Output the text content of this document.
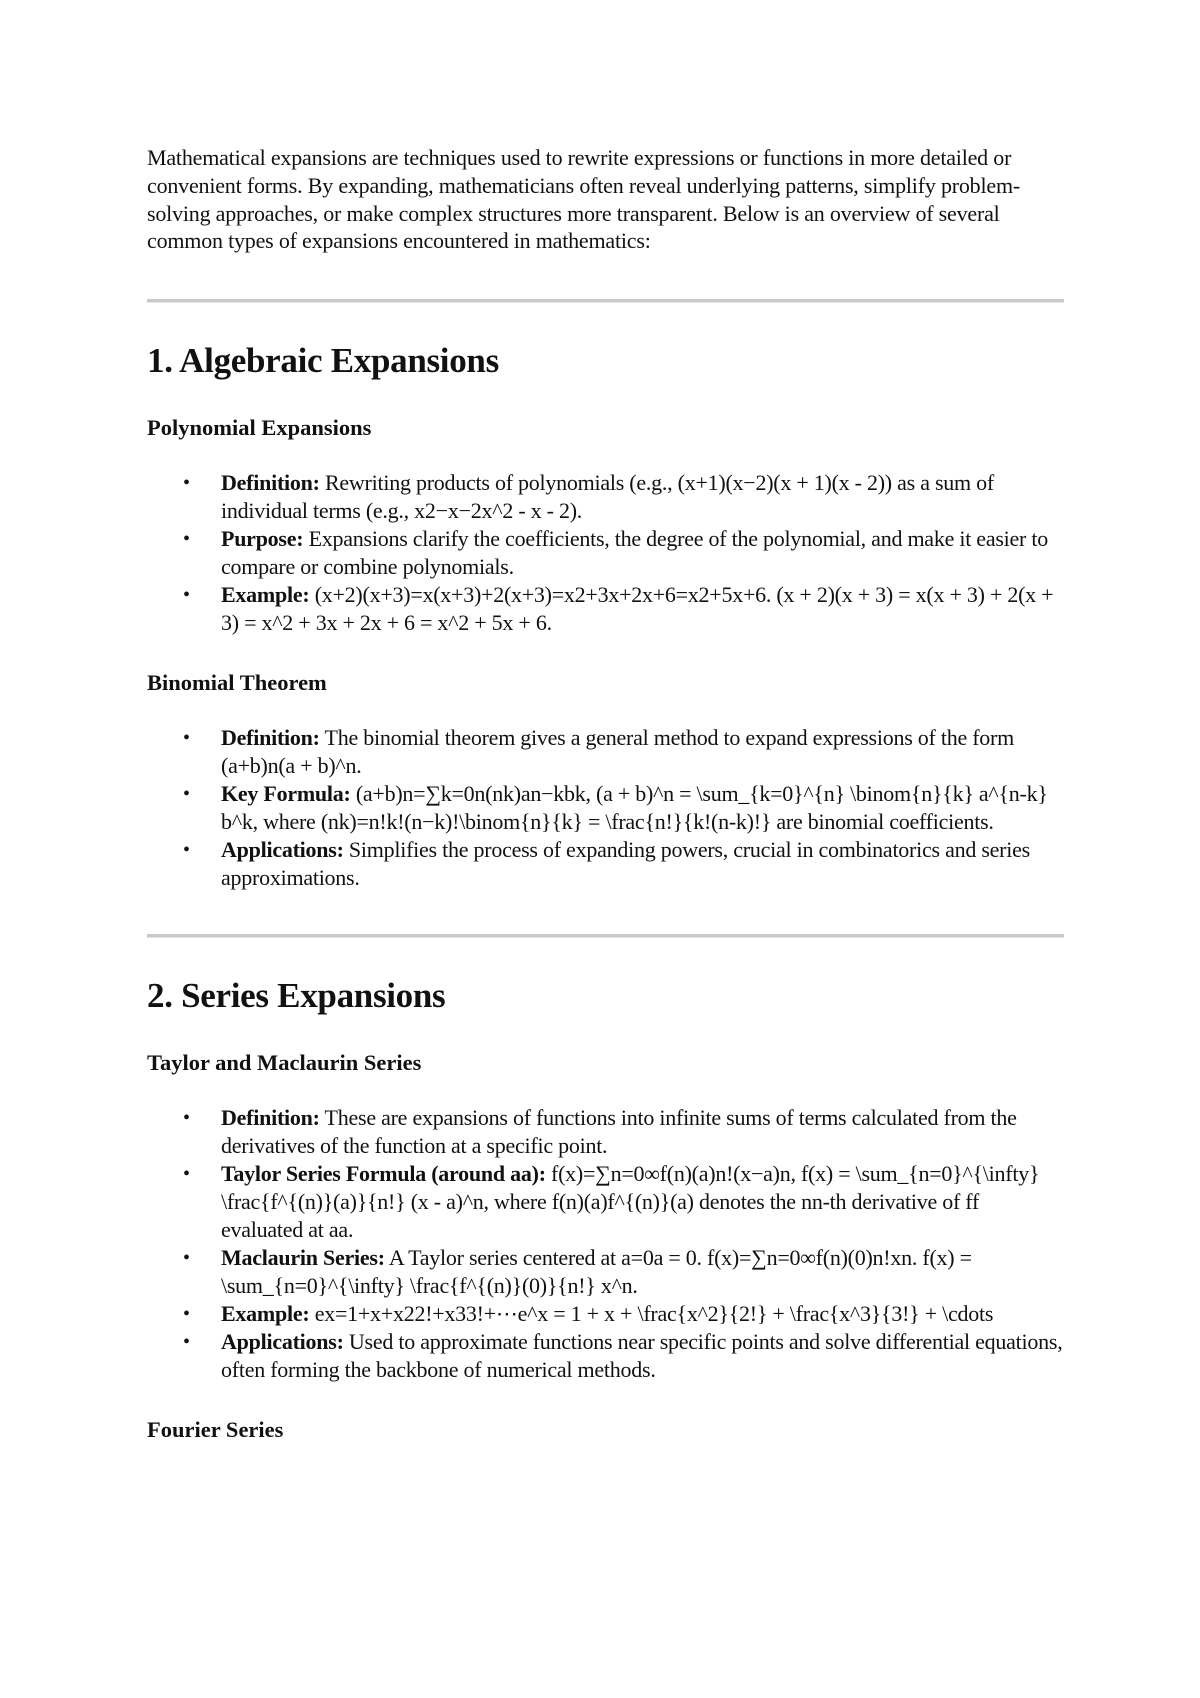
Mathematical expansions are techniques used to rewrite expressions or functions in more detailed or convenient forms. By expanding, mathematicians often reveal underlying patterns, simplify problem-solving approaches, or make complex structures more transparent. Below is an overview of several common types of expansions encountered in mathematics:

1. Algebraic Expansions
Polynomial Expansions
• Definition: Rewriting products of polynomials (e.g., (x+1)(x−2)(x + 1)(x - 2)) as a sum of individual terms (e.g., x2−x−2x^2 - x - 2).
• Purpose: Expansions clarify the coefficients, the degree of the polynomial, and make it easier to compare or combine polynomials.
• Example: (x+2)(x+3)=x(x+3)+2(x+3)=x2+3x+2x+6=x2+5x+6. (x + 2)(x + 3) = x(x + 3) + 2(x + 3) = x^2 + 3x + 2x + 6 = x^2 + 5x + 6.
Binomial Theorem
• Definition: The binomial theorem gives a general method to expand expressions of the form (a+b)n(a + b)^n.
• Key Formula: (a+b)n=∑k=0n(nk)an−kbk, (a + b)^n = \sum_{k=0}^{n} \binom{n}{k} a^{n-k} b^k, where (nk)=n!k!(n−k)!\binom{n}{k} = \frac{n!}{k!(n-k)!} are binomial coefficients.
• Applications: Simplifies the process of expanding powers, crucial in combinatorics and series approximations.
2. Series Expansions
Taylor and Maclaurin Series
• Definition: These are expansions of functions into infinite sums of terms calculated from the derivatives of the function at a specific point.
• Taylor Series Formula (around aa): f(x)=∑n=0∞f(n)(a)n!(x−a)n, f(x) = \sum_{n=0}^{\infty} \frac{f^{(n)}(a)}{n!} (x - a)^n, where f(n)(a)f^{(n)}(a) denotes the nn-th derivative of ff evaluated at aa.
• Maclaurin Series: A Taylor series centered at a=0a = 0. f(x)=∑n=0∞f(n)(0)n!xn. f(x) = \sum_{n=0}^{\infty} \frac{f^{(n)}(0)}{n!} x^n.
• Example: ex=1+x+x22!+x33!+⋯e^x = 1 + x + \frac{x^2}{2!} + \frac{x^3}{3!} + \cdots
• Applications: Used to approximate functions near specific points and solve differential equations, often forming the backbone of numerical methods.
Fourier Series
